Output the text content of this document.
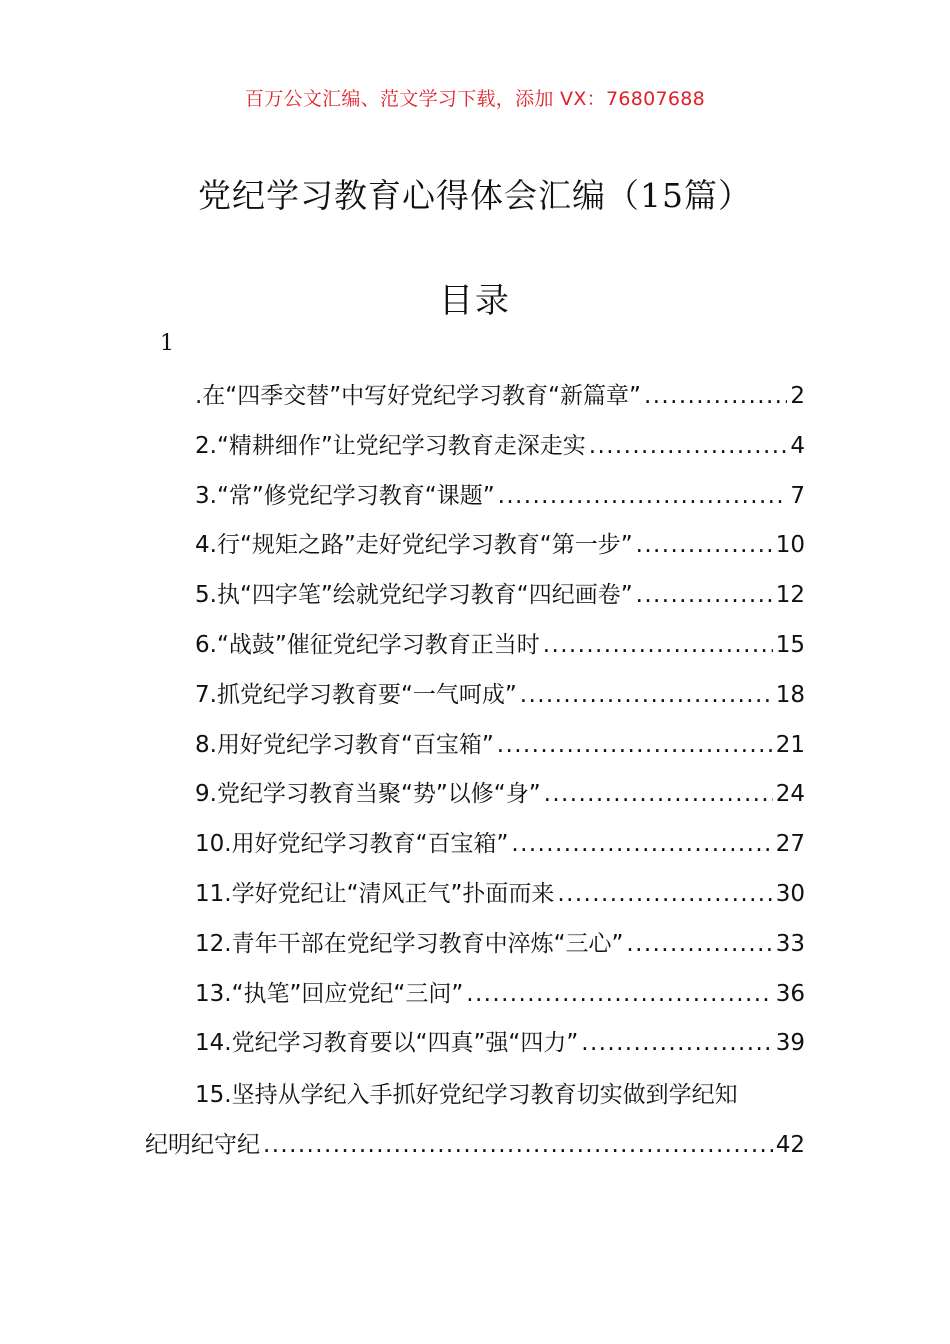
百万公文汇编、范文学习下载，添加 VX：76807688
党纪学习教育心得体会汇编（15篇）
目录
1
.在“四季交替”中写好党纪学习教育“新篇章” .....	2
2.“精耕细作”让党纪学习教育走深走实 .....	4
3.“常”修党纪学习教育“课题” .....	7
4.行“规矩之路”走好党纪学习教育“第一步” .....	10
5.执“四字笔”绘就党纪学习教育“四纪画卷” .....	12
6.“战鼓”催征党纪学习教育正当时 .....	15
7.抓党纪学习教育要“一气呵成” .....	18
8.用好党纪学习教育“百宝箱” .....	21
9.党纪学习教育当聚“势”以修“身” .....	24
10.用好党纪学习教育“百宝箱” .....	27
11.学好党纪让“清风正气”扑面而来 .....	30
12.青年干部在党纪学习教育中淬炼“三心” .....	33
13.“执笔”回应党纪“三问” .....	36
14.党纪学习教育要以“四真”强“四力” .....	39
15.坚持从学纪入手抓好党纪学习教育切实做到学纪知
纪明纪守纪 .....	42
